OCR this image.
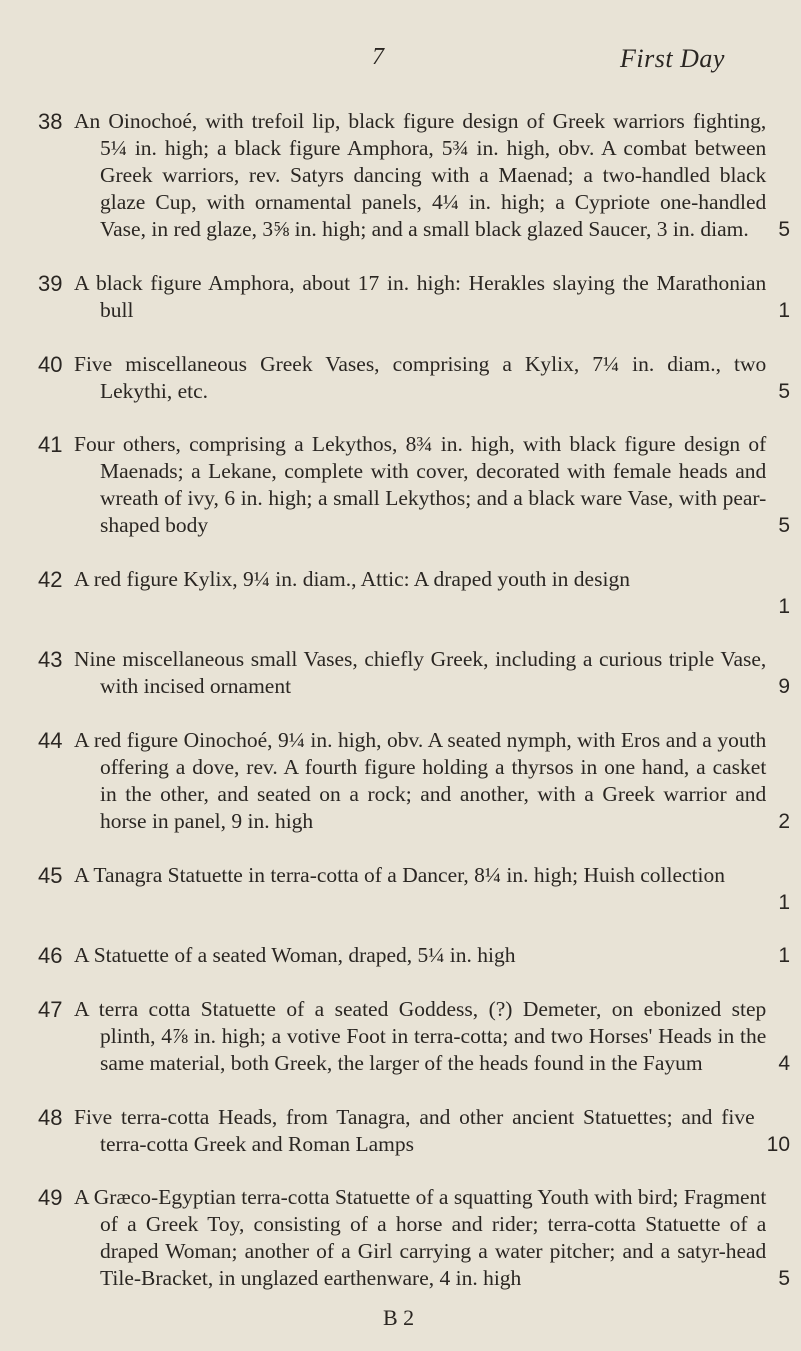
7	First Day
38
5
An Oinochoé, with trefoil lip, black figure design of Greek warriors fighting, 5¼ in. high; a black figure Amphora, 5¾ in. high, obv. A combat between Greek warriors, rev. Satyrs dancing with a Maenad; a two-handled black glaze Cup, with ornamental panels, 4¼ in. high; a Cypriote one-handled Vase, in red glaze, 3⅝ in. high; and a small black glazed Saucer, 3 in. diam.
39
1
A black figure Amphora, about 17 in. high: Herakles slaying the Marathonian bull
40
5
Five miscellaneous Greek Vases, comprising a Kylix, 7¼ in. diam., two Lekythi, etc.
41
5
Four others, comprising a Lekythos, 8¾ in. high, with black figure design of Maenads; a Lekane, complete with cover, decorated with female heads and wreath of ivy, 6 in. high; a small Lekythos; and a black ware Vase, with pear-shaped body
42
1
A red figure Kylix, 9¼ in. diam., Attic: A draped youth in design
43
9
Nine miscellaneous small Vases, chiefly Greek, including a curious triple Vase, with incised ornament
44
2
A red figure Oinochoé, 9¼ in. high, obv. A seated nymph, with Eros and a youth offering a dove, rev. A fourth figure holding a thyrsos in one hand, a casket in the other, and seated on a rock; and another, with a Greek warrior and horse in panel, 9 in. high
45
1
A Tanagra Statuette in terra-cotta of a Dancer, 8¼ in. high; Huish collection
46	1
A Statuette of a seated Woman, draped, 5¼ in. high
47
4
A terra cotta Statuette of a seated Goddess, (?) Demeter, on ebonized step plinth, 4⅞ in. high; a votive Foot in terra-cotta; and two Horses' Heads in the same material, both Greek, the larger of the heads found in the Fayum
48
10
Five terra-cotta Heads, from Tanagra, and other ancient Statuettes; and five terra-cotta Greek and Roman Lamps
49
5
A Græco-Egyptian terra-cotta Statuette of a squatting Youth with bird; Fragment of a Greek Toy, consisting of a horse and rider; terra-cotta Statuette of a draped Woman; another of a Girl carrying a water pitcher; and a satyr-head Tile-Bracket, in unglazed earthenware, 4 in. high
B 2
